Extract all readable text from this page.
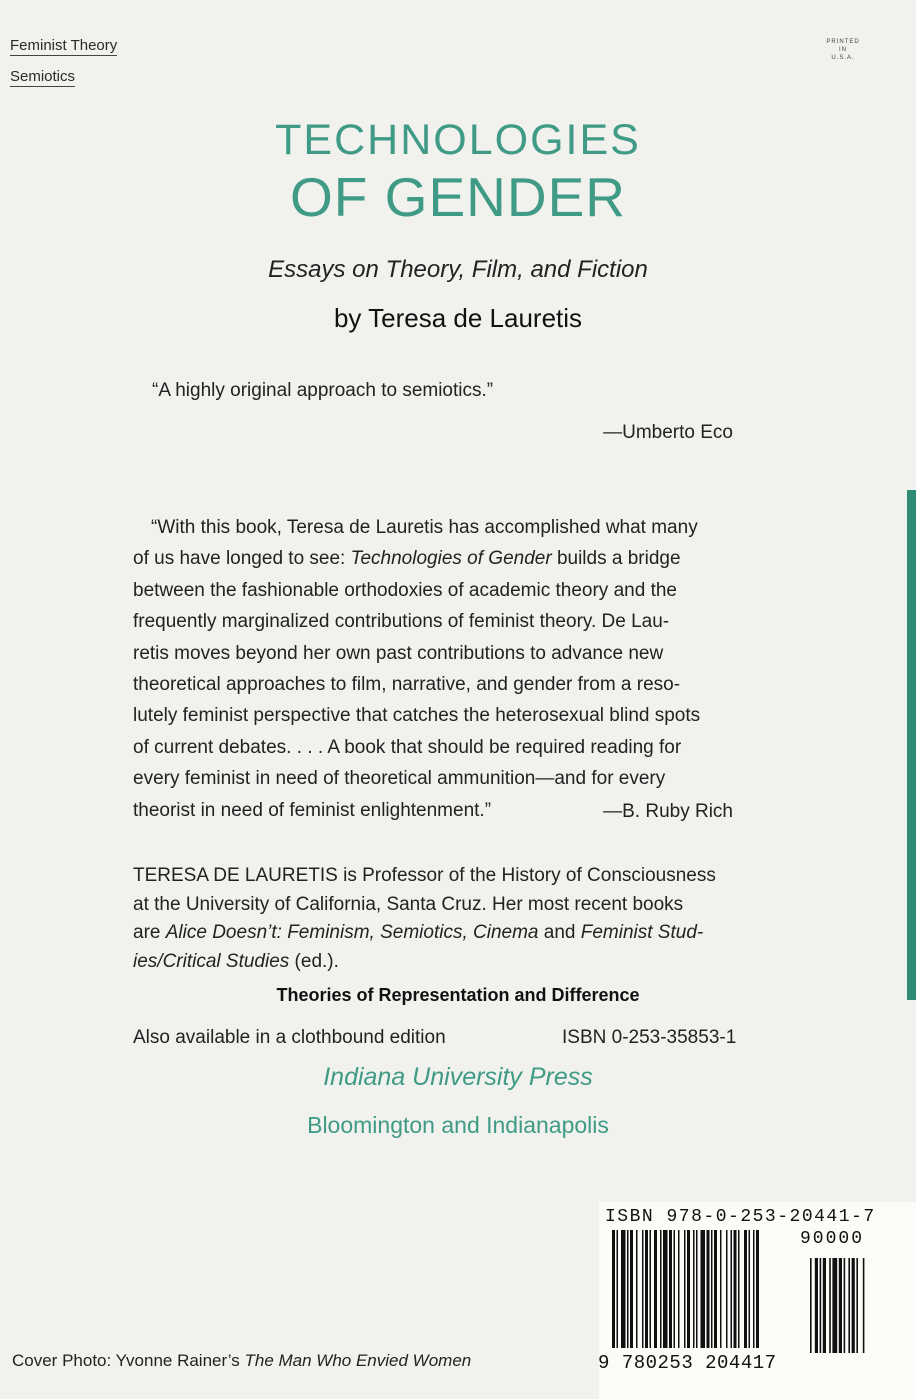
Feminist Theory
Semiotics
PRINTED
IN
U.S.A.
TECHNOLOGIES
OF GENDER
Essays on Theory, Film, and Fiction
by Teresa de Lauretis
“A highly original approach to semiotics.”
—Umberto Eco
“With this book, Teresa de Lauretis has accomplished what many
of us have longed to see: Technologies of Gender builds a bridge
between the fashionable orthodoxies of academic theory and the
frequently marginalized contributions of feminist theory. De Lau-
retis moves beyond her own past contributions to advance new
theoretical approaches to film, narrative, and gender from a reso-
lutely feminist perspective that catches the heterosexual blind spots
of current debates. . . . A book that should be required reading for
every feminist in need of theoretical ammunition—and for every
theorist in need of feminist enlightenment.”	—B. Ruby Rich
TERESA DE LAURETIS is Professor of the History of Consciousness
at the University of California, Santa Cruz. Her most recent books
are Alice Doesn’t: Feminism, Semiotics, Cinema and Feminist Stud-
ies/Critical Studies (ed.).
Theories of Representation and Difference
Also available in a clothbound edition	ISBN 0-253-35853-1
Indiana University Press
Bloomington and Indianapolis
ISBN 978-0-253-20441-7
90000
9 780253 204417
Cover Photo: Yvonne Rainer’s The Man Who Envied Women
